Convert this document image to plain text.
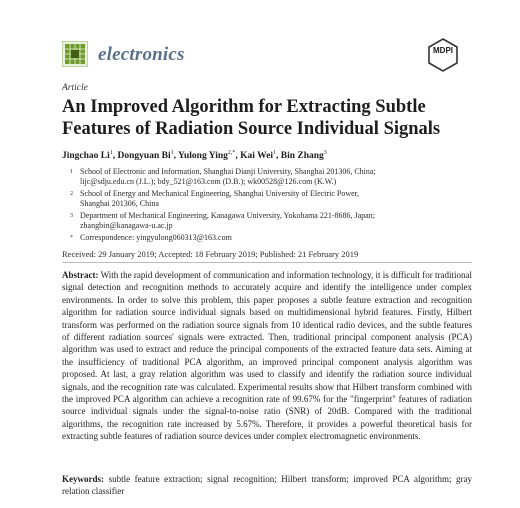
electronics	MDPI
Article
An Improved Algorithm for Extracting Subtle Features of Radiation Source Individual Signals
Jingchao Li$^1$, Dongyuan Bi$^1$, Yulong Ying$^{2,*}$, Kai Wei$^1$, Bin Zhang$^3$
1 School of Electronic and Information, Shanghai Dianji University, Shanghai 201306, China;
lijc@sdju.edu.cn (J.L.); bdy_521@163.com (D.B.); wk00528@126.com (K.W.)
2 School of Energy and Mechanical Engineering, Shanghai University of Electric Power,
Shanghai 201306, China
3 Department of Mechanical Engineering, Kanagawa University, Yokohama 221-8686, Japan;
zhangbin@kanagawa-u.ac.jp
* Correspondence: yingyulong060313@163.com
Received: 29 January 2019; Accepted: 18 February 2019; Published: 21 February 2019
Abstract: With the rapid development of communication and information technology, it is difficult for traditional signal detection and recognition methods to accurately acquire and identify the intelligence under complex environments. In order to solve this problem, this paper proposes a subtle feature extraction and recognition algorithm for radiation source individual signals based on multidimensional hybrid features. Firstly, Hilbert transform was performed on the radiation source signals from 10 identical radio devices, and the subtle features of different radiation sources' signals were extracted. Then, traditional principal component analysis (PCA) algorithm was used to extract and reduce the principal components of the extracted feature data sets. Aiming at the insufficiency of traditional PCA algorithm, an improved principal component analysis algorithm was proposed. At last, a gray relation algorithm was used to classify and identify the radiation source individual signals, and the recognition rate was calculated. Experimental results show that Hilbert transform combined with the improved PCA algorithm can achieve a recognition rate of 99.67% for the "fingerprint" features of radiation source individual signals under the signal-to-noise ratio (SNR) of 20dB. Compared with the traditional algorithms, the recognition rate increased by 5.67%. Therefore, it provides a powerful theoretical basis for extracting subtle features of radiation source devices under complex electromagnetic environments.
Keywords: subtle feature extraction; signal recognition; Hilbert transform; improved PCA algorithm; gray relation classifier
